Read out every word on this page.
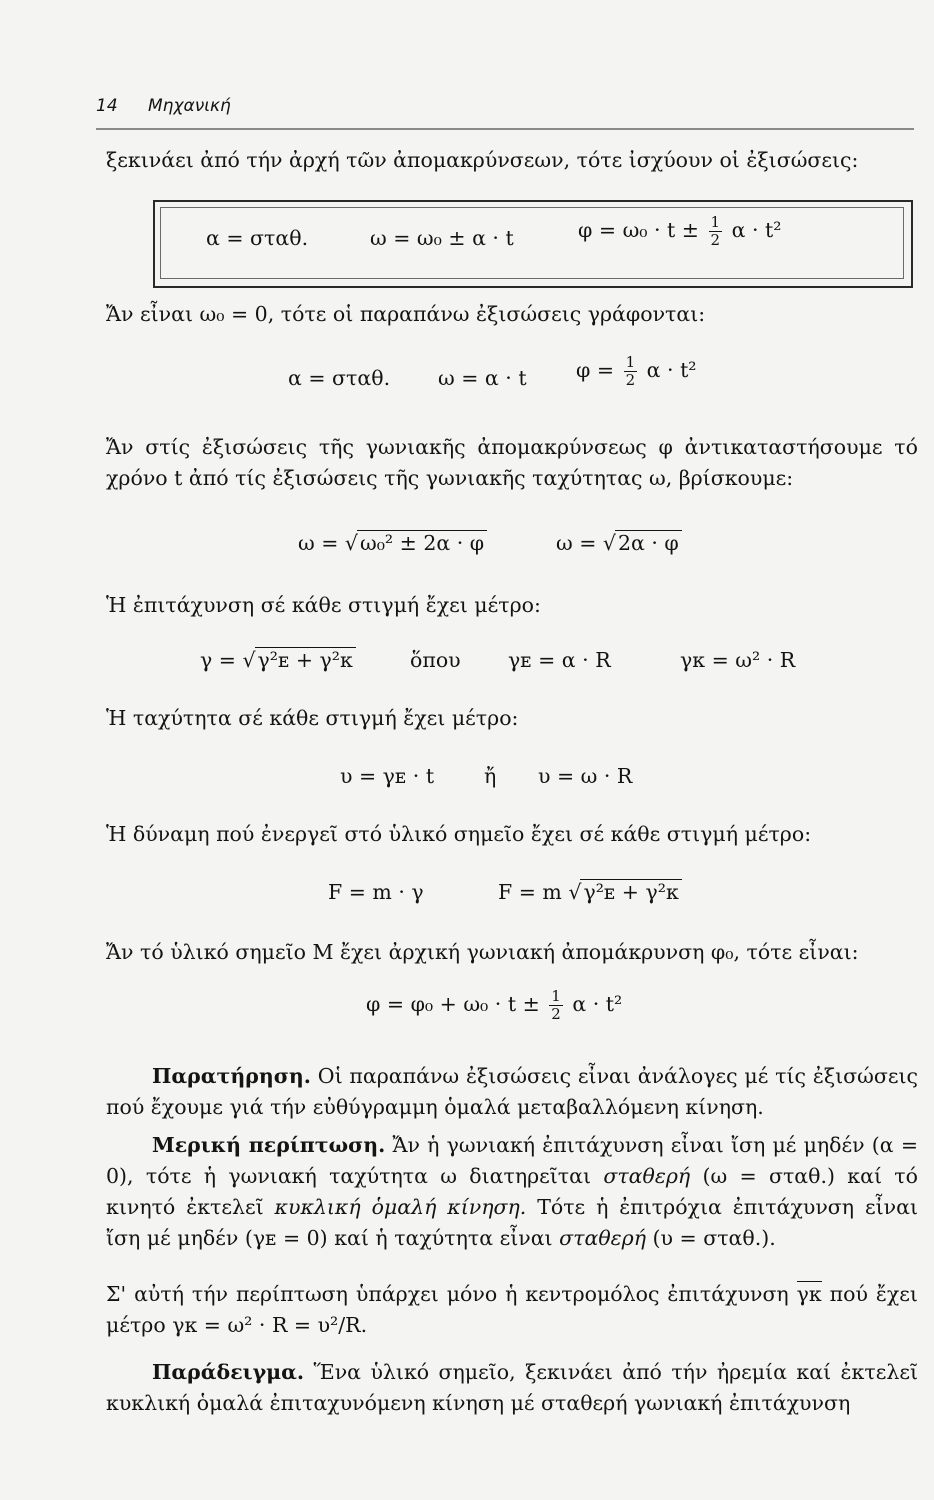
14 Μηχανική

ξεκινάει ἀπό τήν ἀρχή τῶν ἀπομακρύνσεων, τότε ἰσχύουν οἱ ἐξισώσεις:

α = σταθ.	ω = ω₀ ± α · t	$\varphi = \omega_0 \cdot t \pm \frac{1}{2}$ α · t²

Ἄν εἶναι ω₀ = 0, τότε οἱ παραπάνω ἐξισώσεις γράφονται:

α = σταθ. ω = α · t $\varphi = \frac{1}{2}$ α · t²

Ἄν στίς ἐξισώσεις τῆς γωνιακῆς ἀπομακρύνσεως φ ἀντικαταστήσουμε τό χρόνο t ἀπό τίς ἐξισώσεις τῆς γωνιακῆς ταχύτητας ω, βρίσκουμε:

ω = √ω₀² ± 2α · φ	ω = √2α · φ

Ἡ ἐπιτάχυνση σέ κάθε στιγμή ἔχει μέτρο:

γ = √γ²ᴇ + γ²ᴋ	ὅπου γᴇ = α · R	γᴋ = ω² · R

Ἡ ταχύτητα σέ κάθε στιγμή ἔχει μέτρο:

υ = γᴇ · t ἤ υ = ω · R

Ἡ δύναμη πού ἐνεργεῖ στό ὑλικό σημεῖο ἔχει σέ κάθε στιγμή μέτρο:

F = m · γ	F = m √γ²ᴇ + γ²ᴋ

Ἄν τό ὑλικό σημεῖο Μ ἔχει ἀρχική γωνιακή ἀπομάκρυνση φ₀, τότε εἶναι:

$\varphi = \varphi_0 + \omega_0 \cdot t \pm \frac{1}{2}$ α · t²

Παρατήρηση. Οἱ παραπάνω ἐξισώσεις εἶναι ἀνάλογες μέ τίς ἐξισώσεις πού ἔχουμε γιά τήν εὐθύγραμμη ὁμαλά μεταβαλλόμενη κίνηση.

Μερική περίπτωση. Ἄν ἡ γωνιακή ἐπιτάχυνση εἶναι ἴση μέ μηδέν (α = 0), τότε ἡ γωνιακή ταχύτητα ω διατηρεῖται σταθερή (ω = σταθ.) καί τό κινητό ἐκτελεῖ κυκλική ὁμαλή κίνηση. Τότε ἡ ἐπιτρόχια ἐπιτάχυνση εἶναι ἴση μέ μηδέν (γᴇ = 0) καί ἡ ταχύτητα εἶναι σταθερή (υ = σταθ.).

Σ' αὐτή τήν περίπτωση ὑπάρχει μόνο ἡ κεντρομόλος ἐπιτάχυνση γᴋ πού ἔχει μέτρο γᴋ = ω² · R = υ²/R.

Παράδειγμα. Ἕνα ὑλικό σημεῖο, ξεκινάει ἀπό τήν ἠρεμία καί ἐκτελεῖ κυκλική ὁμαλά ἐπιταχυνόμενη κίνηση μέ σταθερή γωνιακή ἐπιτάχυνση
